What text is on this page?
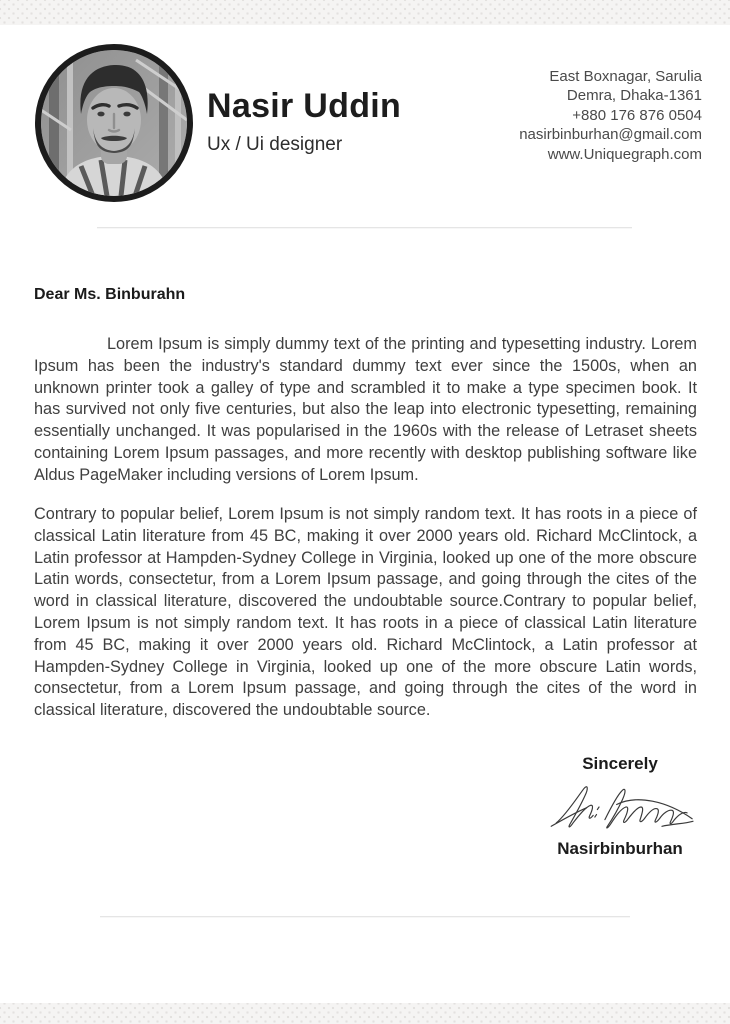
Nasir Uddin
Ux / Ui designer
East Boxnagar, Sarulia
Demra, Dhaka-1361
+880 176 876 0504
nasirbinburhan@gmail.com
www.Uniquegraph.com
Dear Ms. Binburahn

Lorem Ipsum is simply dummy text of the printing and typesetting industry. Lorem Ipsum has been the industry's standard dummy text ever since the 1500s, when an unknown printer took a galley of type and scrambled it to make a type specimen book. It has survived not only five centuries, but also the leap into electronic typesetting, remaining essentially unchanged. It was popularised in the 1960s with the release of Letraset sheets containing Lorem Ipsum passages, and more recently with desktop publishing software like Aldus PageMaker including versions of Lorem Ipsum.

Contrary to popular belief, Lorem Ipsum is not simply random text. It has roots in a piece of classical Latin literature from 45 BC, making it over 2000 years old. Richard McClintock, a Latin professor at Hampden-Sydney College in Virginia, looked up one of the more obscure Latin words, consectetur, from a Lorem Ipsum passage, and going through the cites of the word in classical literature, discovered the undoubtable source.Contrary to popular belief, Lorem Ipsum is not simply random text. It has roots in a piece of classical Latin literature from 45 BC, making it over 2000 years old. Richard McClintock, a Latin professor at Hampden-Sydney College in Virginia, looked up one of the more obscure Latin words, consectetur, from a Lorem Ipsum passage, and going through the cites of the word in classical literature, discovered the undoubtable source.

Sincerely
Nasirbinburhan
